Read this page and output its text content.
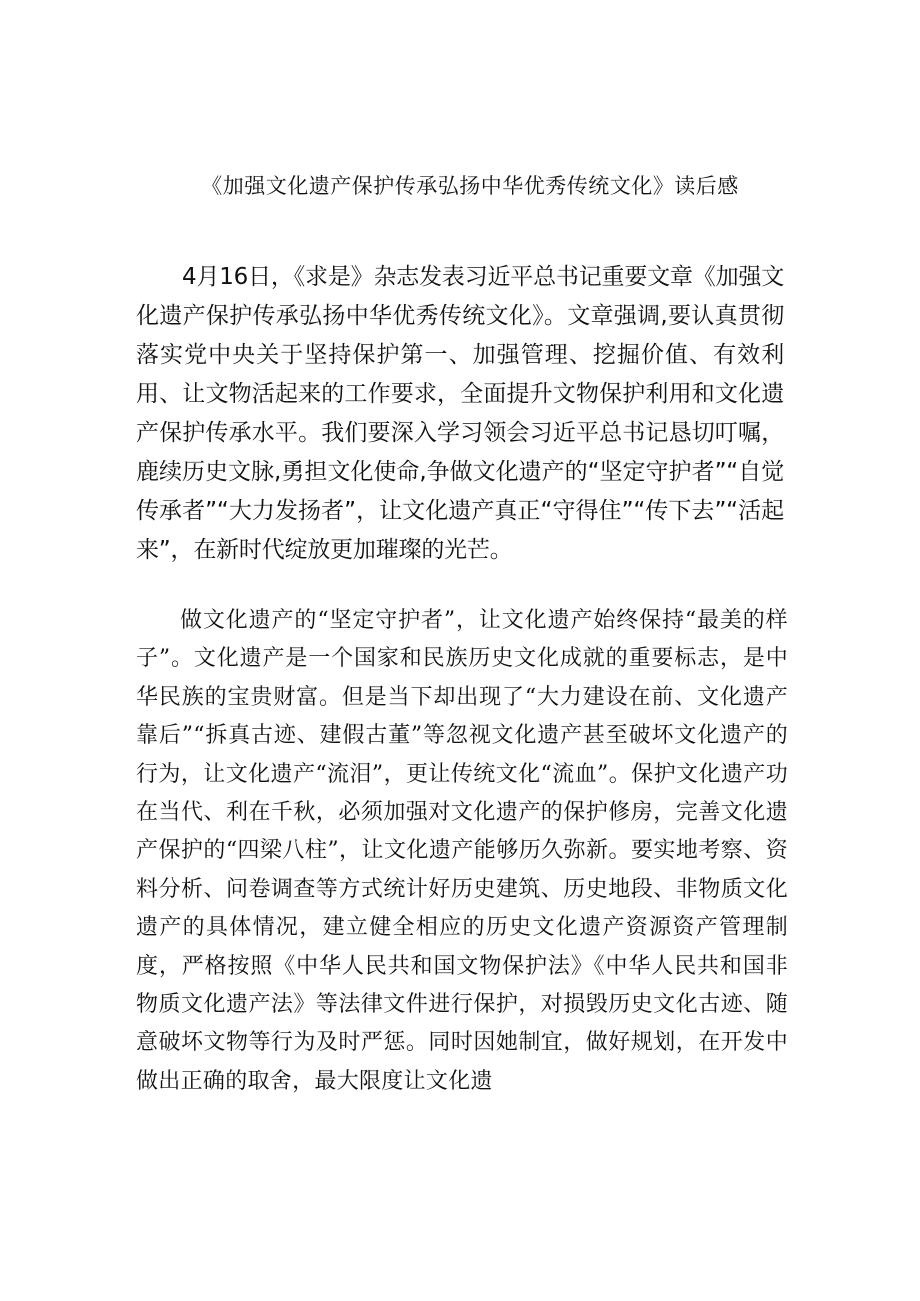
《加强文化遗产保护传承弘扬中华优秀传统文化》读后感

4月16日，《求是》杂志发表习近平总书记重要文章《加强文化遗产保护传承弘扬中华优秀传统文化》。文章强调,要认真贯彻落实党中央关于坚持保护第一、加强管理、挖掘价值、有效利用、让文物活起来的工作要求，全面提升文物保护利用和文化遗产保护传承水平。我们要深入学习领会习近平总书记恳切叮嘱，鹿续历史文脉,勇担文化使命,争做文化遗产的“坚定守护者”“自觉传承者”“大力发扬者”，让文化遗产真正“守得住”“传下去”“活起来”，在新时代绽放更加璀璨的光芒。

做文化遗产的“坚定守护者”，让文化遗产始终保持“最美的样子”。文化遗产是一个国家和民族历史文化成就的重要标志，是中华民族的宝贵财富。但是当下却出现了“大力建设在前、文化遗产靠后”“拆真古迹、建假古董”等忽视文化遗产甚至破坏文化遗产的行为，让文化遗产“流泪”，更让传统文化“流血”。保护文化遗产功在当代、利在千秋，必须加强对文化遗产的保护修房，完善文化遗产保护的“四梁八柱”，让文化遗产能够历久弥新。要实地考察、资料分析、问卷调查等方式统计好历史建筑、历史地段、非物质文化遗产的具体情况，建立健全相应的历史文化遗产资源资产管理制度，严格按照《中华人民共和国文物保护法》《中华人民共和国非物质文化遗产法》等法律文件进行保护，对损毁历史文化古迹、随意破坏文物等行为及时严惩。同时因她制宜，做好规划，在开发中做出正确的取舍，最大限度让文化遗
